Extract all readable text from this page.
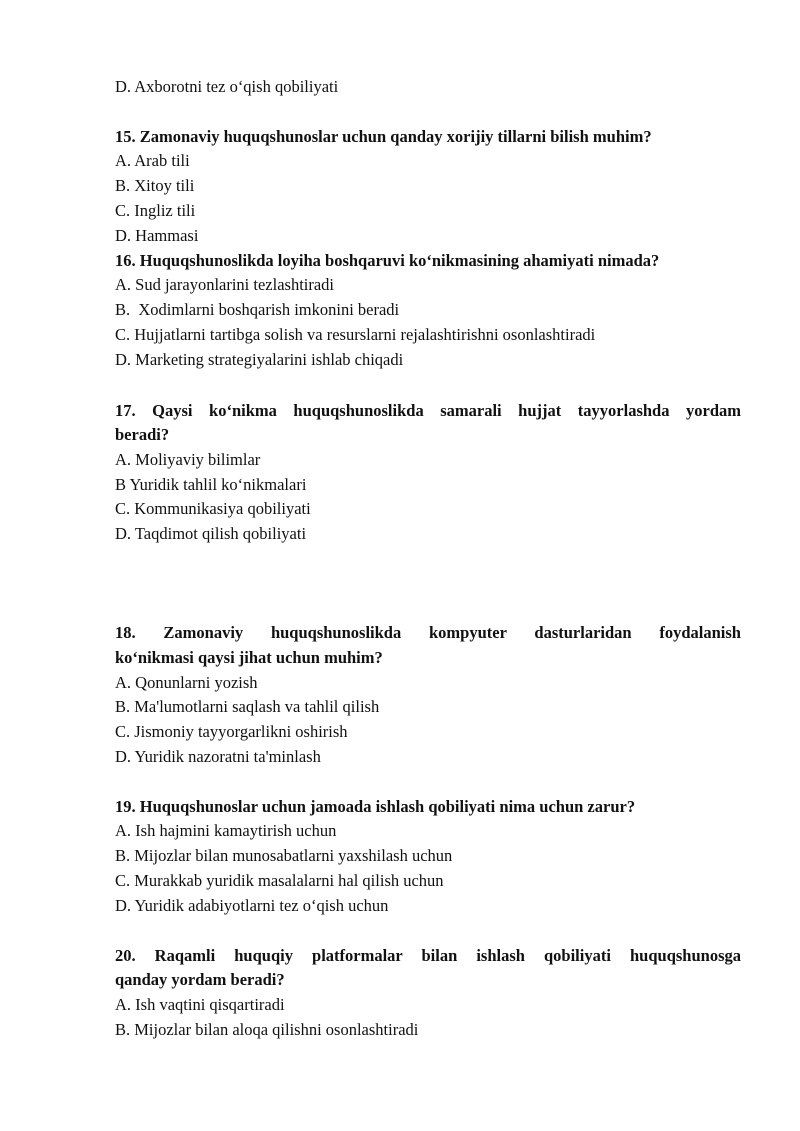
D. Axborotni tez o‘qish qobiliyati
15. Zamonaviy huquqshunoslar uchun qanday xorijiy tillarni bilish muhim?
A. Arab tili
B. Xitoy tili
C. Ingliz tili
D. Hammasi
16. Huquqshunoslikda loyiha boshqaruvi ko‘nikmasining ahamiyati nimada?
A. Sud jarayonlarini tezlashtiradi
B.  Xodimlarni boshqarish imkonini beradi
C. Hujjatlarni tartibga solish va resurslarni rejalashtirishni osonlashtiradi
D. Marketing strategiyalarini ishlab chiqadi
17. Qaysi ko‘nikma huquqshunoslikda samarali hujjat tayyorlashda yordam
beradi?
A. Moliyaviy bilimlar
B Yuridik tahlil ko‘nikmalari
C. Kommunikasiya qobiliyati
D. Taqdimot qilish qobiliyati
18. Zamonaviy huquqshunoslikda kompyuter dasturlaridan foydalanish
ko‘nikmasi qaysi jihat uchun muhim?
A. Qonunlarni yozish
B. Ma'lumotlarni saqlash va tahlil qilish
C. Jismoniy tayyorgarlikni oshirish
D. Yuridik nazoratni ta'minlash
19. Huquqshunoslar uchun jamoada ishlash qobiliyati nima uchun zarur?
A. Ish hajmini kamaytirish uchun
B. Mijozlar bilan munosabatlarni yaxshilash uchun
C. Murakkab yuridik masalalarni hal qilish uchun
D. Yuridik adabiyotlarni tez o‘qish uchun
20. Raqamli huquqiy platformalar bilan ishlash qobiliyati huquqshunosga
qanday yordam beradi?
A. Ish vaqtini qisqartiradi
B. Mijozlar bilan aloqa qilishni osonlashtiradi
